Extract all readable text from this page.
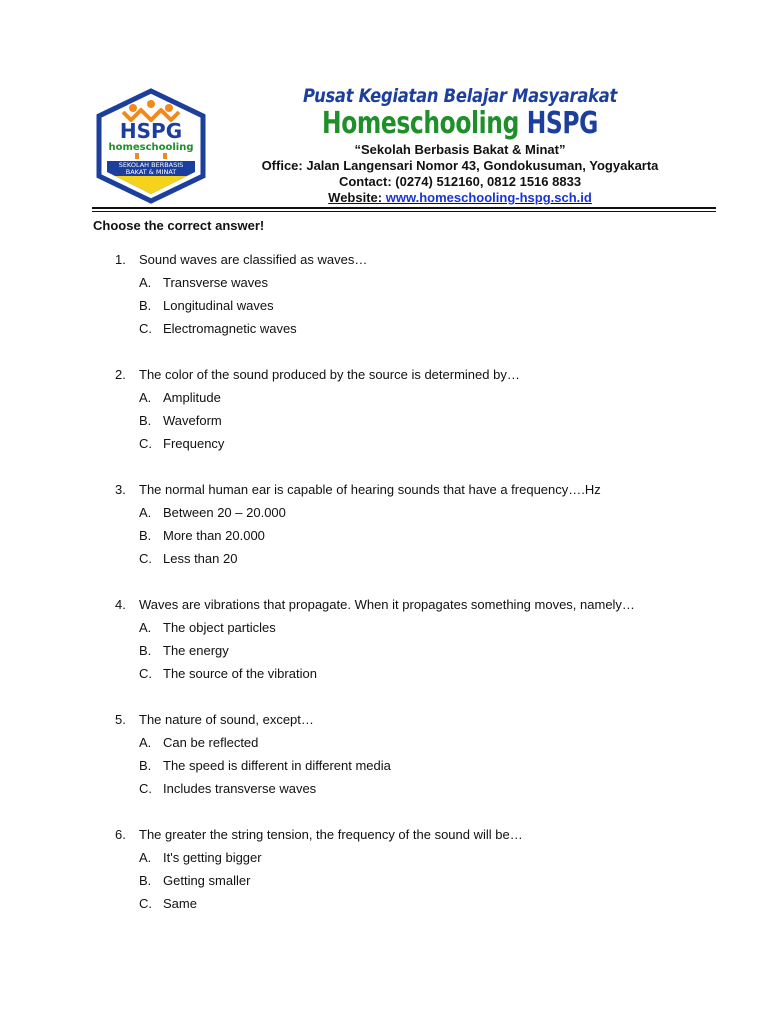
HSPG
homeschooling
SEKOLAH BERBASIS
BAKAT & MINAT
Pusat Kegiatan Belajar Masyarakat
Homeschooling HSPG
“Sekolah Berbasis Bakat & Minat”
Office: Jalan Langensari Nomor 43, Gondokusuman, Yogyakarta
Contact: (0274) 512160, 0812 1516 8833
Website: www.homeschooling-hspg.sch.id
Choose the correct answer!
1.	Sound waves are classified as waves…
A. Transverse waves
B. Longitudinal waves
C. Electromagnetic waves
2.	The color of the sound produced by the source is determined by…
A. Amplitude
B. Waveform
C. Frequency
3.	The normal human ear is capable of hearing sounds that have a frequency….Hz
A. Between 20 – 20.000
B. More than 20.000
C. Less than 20
4.	Waves are vibrations that propagate. When it propagates something moves, namely…
A. The object particles
B. The energy
C. The source of the vibration
5.	The nature of sound, except…
A. Can be reflected
B. The speed is different in different media
C. Includes transverse waves
6.	The greater the string tension, the frequency of the sound will be…
A. It's getting bigger
B. Getting smaller
C. Same
